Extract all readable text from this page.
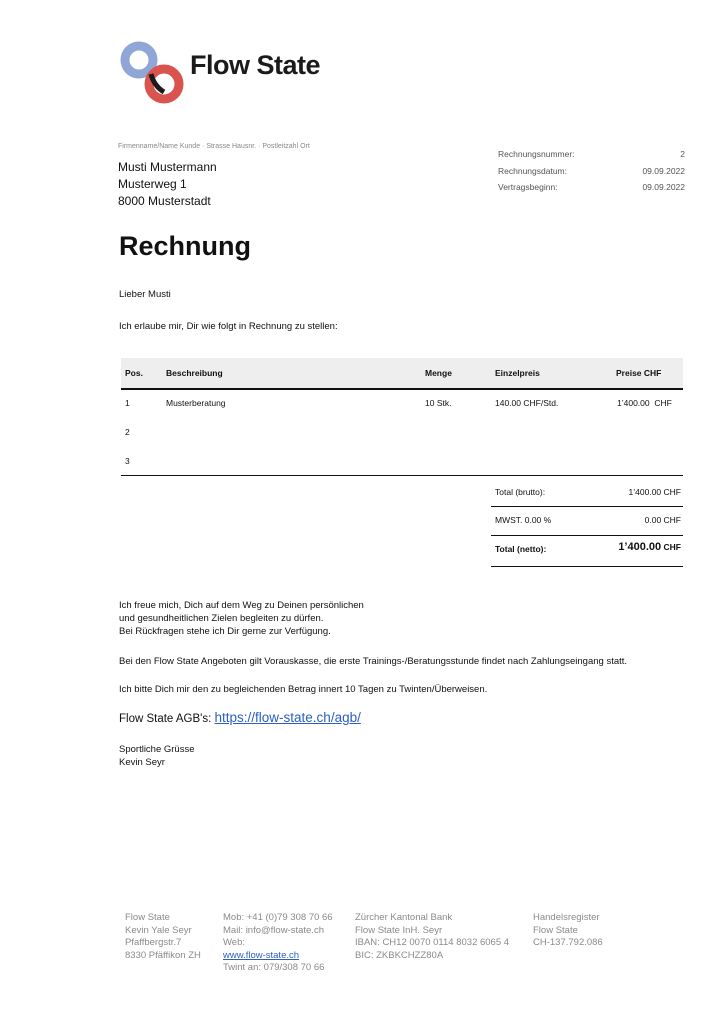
Flow State
Firmenname/Name Kunde · Strasse Hausnr. · Postleitzahl Ort
Musti Mustermann
Musterweg 1
8000 Musterstadt
Rechnungsnummer:	2
Rechnungsdatum:	09.09.2022
Vertragsbeginn:	09.09.2022
Rechnung
Lieber Musti
Ich erlaube mir, Dir wie folgt in Rechnung zu stellen:
Pos.	Beschreibung	Menge	Einzelpreis	Preise CHF
1	Musterberatung	10 Stk.	140.00 CHF/Std.	1’400.00  CHF
2
3
Total (brutto):	1’400.00 CHF
MWST. 0.00 %	0.00 CHF
Total (netto):	1’400.00 CHF
Ich freue mich, Dich auf dem Weg zu Deinen persönlichen
und gesundheitlichen Zielen begleiten zu dürfen.
Bei Rückfragen stehe ich Dir gerne zur Verfügung.
Bei den Flow State Angeboten gilt Vorauskasse, die erste Trainings-/Beratungsstunde findet nach Zahlungseingang statt.
Ich bitte Dich mir den zu begleichenden Betrag innert 10 Tagen zu Twinten/Überweisen.
Flow State AGB's: https://flow-state.ch/agb/
Sportliche Grüsse
Kevin Seyr
Flow State
Kevin Yale Seyr
Pfaffbergstr.7
8330 Pfäffikon ZH
Mob: +41 (0)79 308 70 66
Mail: info@flow-state.ch
Web:
www.flow-state.ch
Twint an: 079/308 70 66
Zürcher Kantonal Bank
Flow State InH. Seyr
IBAN: CH12 0070 0114 8032 6065 4
BIC: ZKBKCHZZ80A
Handelsregister
Flow State
CH-137.792.086
